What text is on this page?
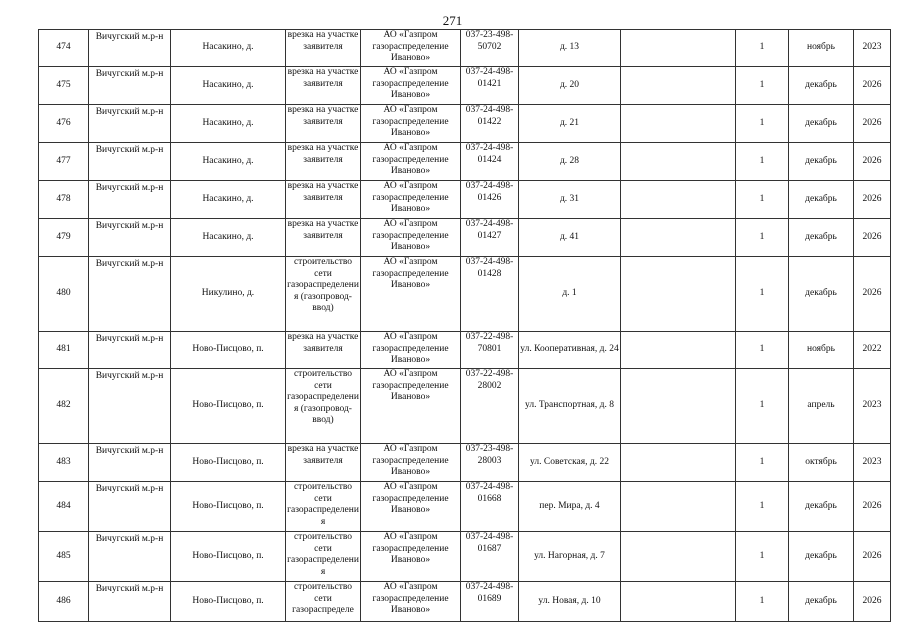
271
474	Вичугский м.р-н	Насакино, д.	врезка на участке заявителя	АО «Газпром газораспределение Иваново»	037-23-498-50702	д. 13		1	ноябрь	2023
475	Вичугский м.р-н	Насакино, д.	врезка на участке заявителя	АО «Газпром газораспределение Иваново»	037-24-498-01421	д. 20		1	декабрь	2026
476	Вичугский м.р-н	Насакино, д.	врезка на участке заявителя	АО «Газпром газораспределение Иваново»	037-24-498-01422	д. 21		1	декабрь	2026
477	Вичугский м.р-н	Насакино, д.	врезка на участке заявителя	АО «Газпром газораспределение Иваново»	037-24-498-01424	д. 28		1	декабрь	2026
478	Вичугский м.р-н	Насакино, д.	врезка на участке заявителя	АО «Газпром газораспределение Иваново»	037-24-498-01426	д. 31		1	декабрь	2026
479	Вичугский м.р-н	Насакино, д.	врезка на участке заявителя	АО «Газпром газораспределение Иваново»	037-24-498-01427	д. 41		1	декабрь	2026
480	Вичугский м.р-н	Никулино, д.	строительство сети газораспределения (газопровод-ввод)	АО «Газпром газораспределение Иваново»	037-24-498-01428	д. 1		1	декабрь	2026
481	Вичугский м.р-н	Ново-Писцово, п.	врезка на участке заявителя	АО «Газпром газораспределение Иваново»	037-22-498-70801	ул. Кооперативная, д. 24		1	ноябрь	2022
482	Вичугский м.р-н	Ново-Писцово, п.	строительство сети газораспределения (газопровод-ввод)	АО «Газпром газораспределение Иваново»	037-22-498-28002	ул. Транспортная, д. 8		1	апрель	2023
483	Вичугский м.р-н	Ново-Писцово, п.	врезка на участке заявителя	АО «Газпром газораспределение Иваново»	037-23-498-28003	ул. Советская, д. 22		1	октябрь	2023
484	Вичугский м.р-н	Ново-Писцово, п.	строительство сети газораспределения	АО «Газпром газораспределение Иваново»	037-24-498-01668	пер. Мира, д. 4		1	декабрь	2026
485	Вичугский м.р-н	Ново-Писцово, п.	строительство сети газораспределения	АО «Газпром газораспределение Иваново»	037-24-498-01687	ул. Нагорная, д. 7		1	декабрь	2026
486	Вичугский м.р-н	Ново-Писцово, п.	строительство сети газораспределе	АО «Газпром газораспределение Иваново»	037-24-498-01689	ул. Новая, д. 10		1	декабрь	2026
